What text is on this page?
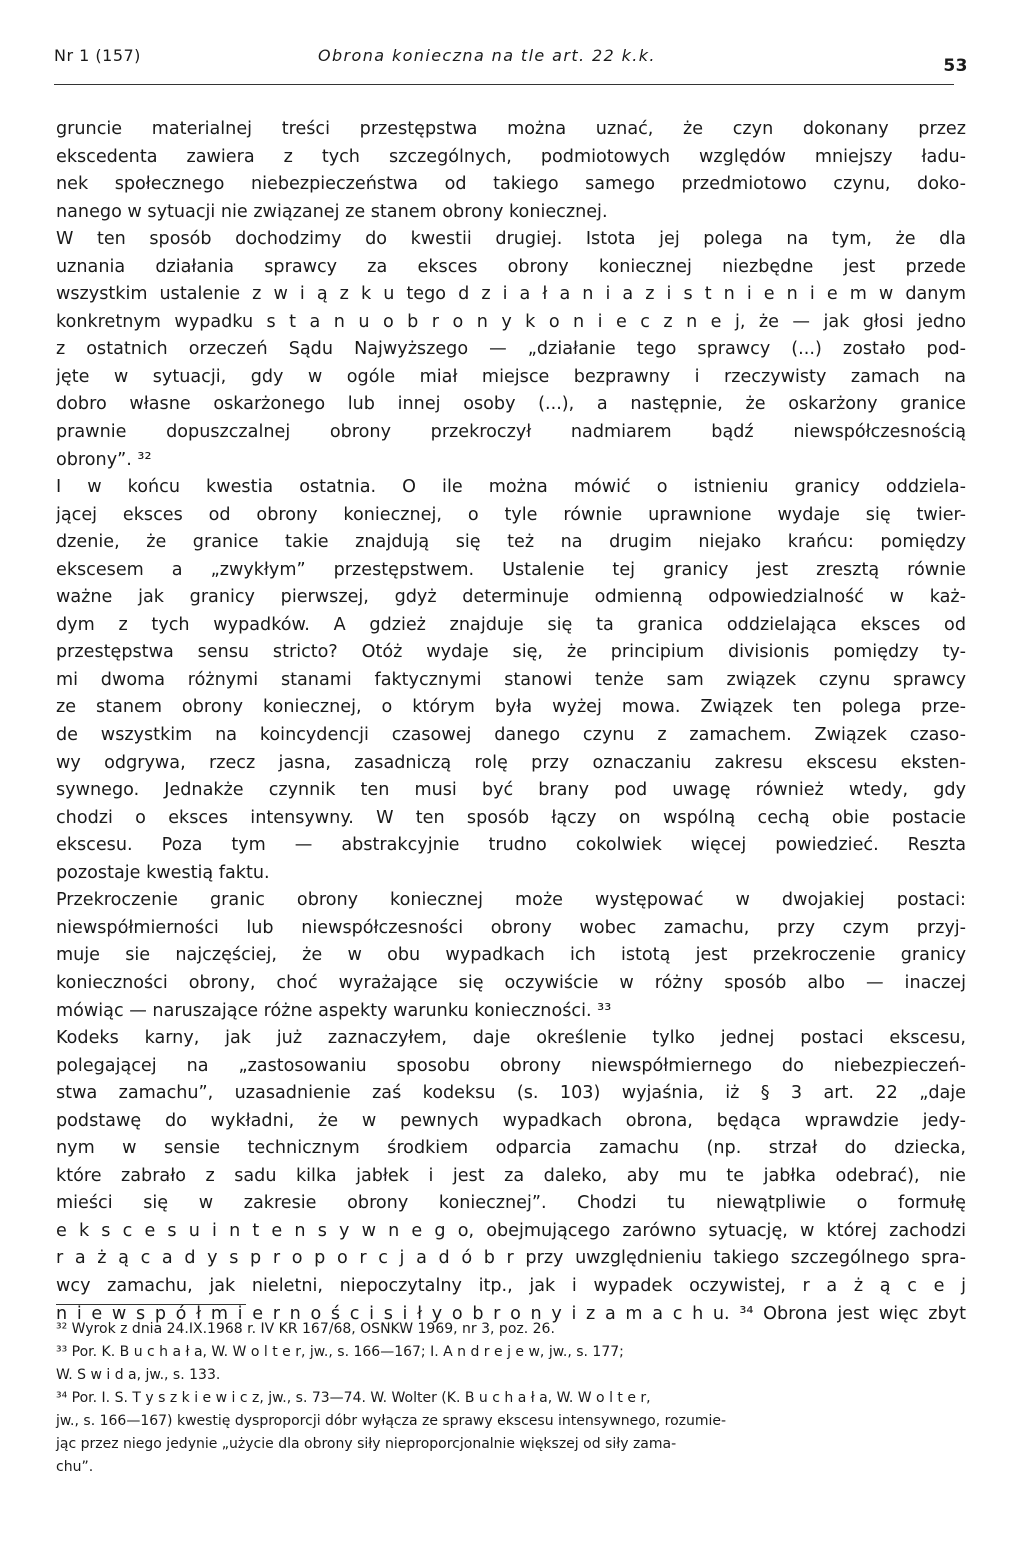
Nr 1 (157)	Obrona konieczna na tle art. 22 k.k.
53
gruncie materialnej treści przestępstwa można uznać, że czyn dokonany przez
ekscedenta zawiera z tych szczególnych, podmiotowych względów mniejszy ładu-
nek społecznego niebezpieczeństwa od takiego samego przedmiotowo czynu, doko-
nanego w sytuacji nie związanej ze stanem obrony koniecznej.
W ten sposób dochodzimy do kwestii drugiej. Istota jej polega na tym, że dla
uznania działania sprawcy za eksces obrony koniecznej niezbędne jest przede
wszystkim ustalenie z w i ą z k u tego d z i a ł a n i a z i s t n i e n i e m w danym
konkretnym wypadku s t a n u o b r o n y k o n i e c z n e j, że — jak głosi jedno
z ostatnich orzeczeń Sądu Najwyższego — „działanie tego sprawcy (...) zostało pod-
jęte w sytuacji, gdy w ogóle miał miejsce bezprawny i rzeczywisty zamach na
dobro własne oskarżonego lub innej osoby (...), a następnie, że oskarżony granice
prawnie dopuszczalnej obrony przekroczył nadmiarem bądź niewspółczesnością
obrony”. ³²
I w końcu kwestia ostatnia. O ile można mówić o istnieniu granicy oddziela-
jącej eksces od obrony koniecznej, o tyle równie uprawnione wydaje się twier-
dzenie, że granice takie znajdują się też na drugim niejako krańcu: pomiędzy
ekscesem a „zwykłym” przestępstwem. Ustalenie tej granicy jest zresztą równie
ważne jak granicy pierwszej, gdyż determinuje odmienną odpowiedzialność w każ-
dym z tych wypadków. A gdzież znajduje się ta granica oddzielająca eksces od
przestępstwa sensu stricto? Otóż wydaje się, że principium divisionis pomiędzy ty-
mi dwoma różnymi stanami faktycznymi stanowi tenże sam związek czynu sprawcy
ze stanem obrony koniecznej, o którym była wyżej mowa. Związek ten polega prze-
de wszystkim na koincydencji czasowej danego czynu z zamachem. Związek czaso-
wy odgrywa, rzecz jasna, zasadniczą rolę przy oznaczaniu zakresu ekscesu eksten-
sywnego. Jednakże czynnik ten musi być brany pod uwagę również wtedy, gdy
chodzi o eksces intensywny. W ten sposób łączy on wspólną cechą obie postacie
ekscesu. Poza tym — abstrakcyjnie trudno cokolwiek więcej powiedzieć. Reszta
pozostaje kwestią faktu.
Przekroczenie granic obrony koniecznej może występować w dwojakiej postaci:
niewspółmierności lub niewspółczesności obrony wobec zamachu, przy czym przyj-
muje sie najczęściej, że w obu wypadkach ich istotą jest przekroczenie granicy
konieczności obrony, choć wyrażające się oczywiście w różny sposób albo — inaczej
mówiąc — naruszające różne aspekty warunku konieczności. ³³
Kodeks karny, jak już zaznaczyłem, daje określenie tylko jednej postaci ekscesu,
polegającej na „zastosowaniu sposobu obrony niewspółmiernego do niebezpieczeń-
stwa zamachu”, uzasadnienie zaś kodeksu (s. 103) wyjaśnia, iż § 3 art. 22 „daje
podstawę do wykładni, że w pewnych wypadkach obrona, będąca wprawdzie jedy-
nym w sensie technicznym środkiem odparcia zamachu (np. strzał do dziecka,
które zabrało z sadu kilka jabłek i jest za daleko, aby mu te jabłka odebrać), nie
mieści się w zakresie obrony koniecznej”. Chodzi tu niewątpliwie o formułę
e k s c e s u i n t e n s y w n e g o, obejmującego zarówno sytuację, w której zachodzi
r a ż ą c a d y s p r o p o r c j a d ó b r przy uwzględnieniu takiego szczególnego spra-
wcy zamachu, jak nieletni, niepoczytalny itp., jak i wypadek oczywistej, r a ż ą c e j
n i e w s p ó ł m i e r n o ś c i s i ł y o b r o n y i z a m a c h u. ³⁴ Obrona jest więc zbyt
³² Wyrok z dnia 24.IX.1968 r. IV KR 167/68, OSNKW 1969, nr 3, poz. 26.
³³ Por. K. B u c h a ł a, W. W o l t e r, jw., s. 166—167; I. A n d r e j e w, jw., s. 177;
W. S w i d a, jw., s. 133.
³⁴ Por. I. S. T y s z k i e w i c z, jw., s. 73—74. W. Wolter (K. B u c h a ł a, W. W o l t e r,
jw., s. 166—167) kwestię dysproporcji dóbr wyłącza ze sprawy ekscesu intensywnego, rozumie-
jąc przez niego jedynie „użycie dla obrony siły nieproporcjonalnie większej od siły zama-
chu”.
